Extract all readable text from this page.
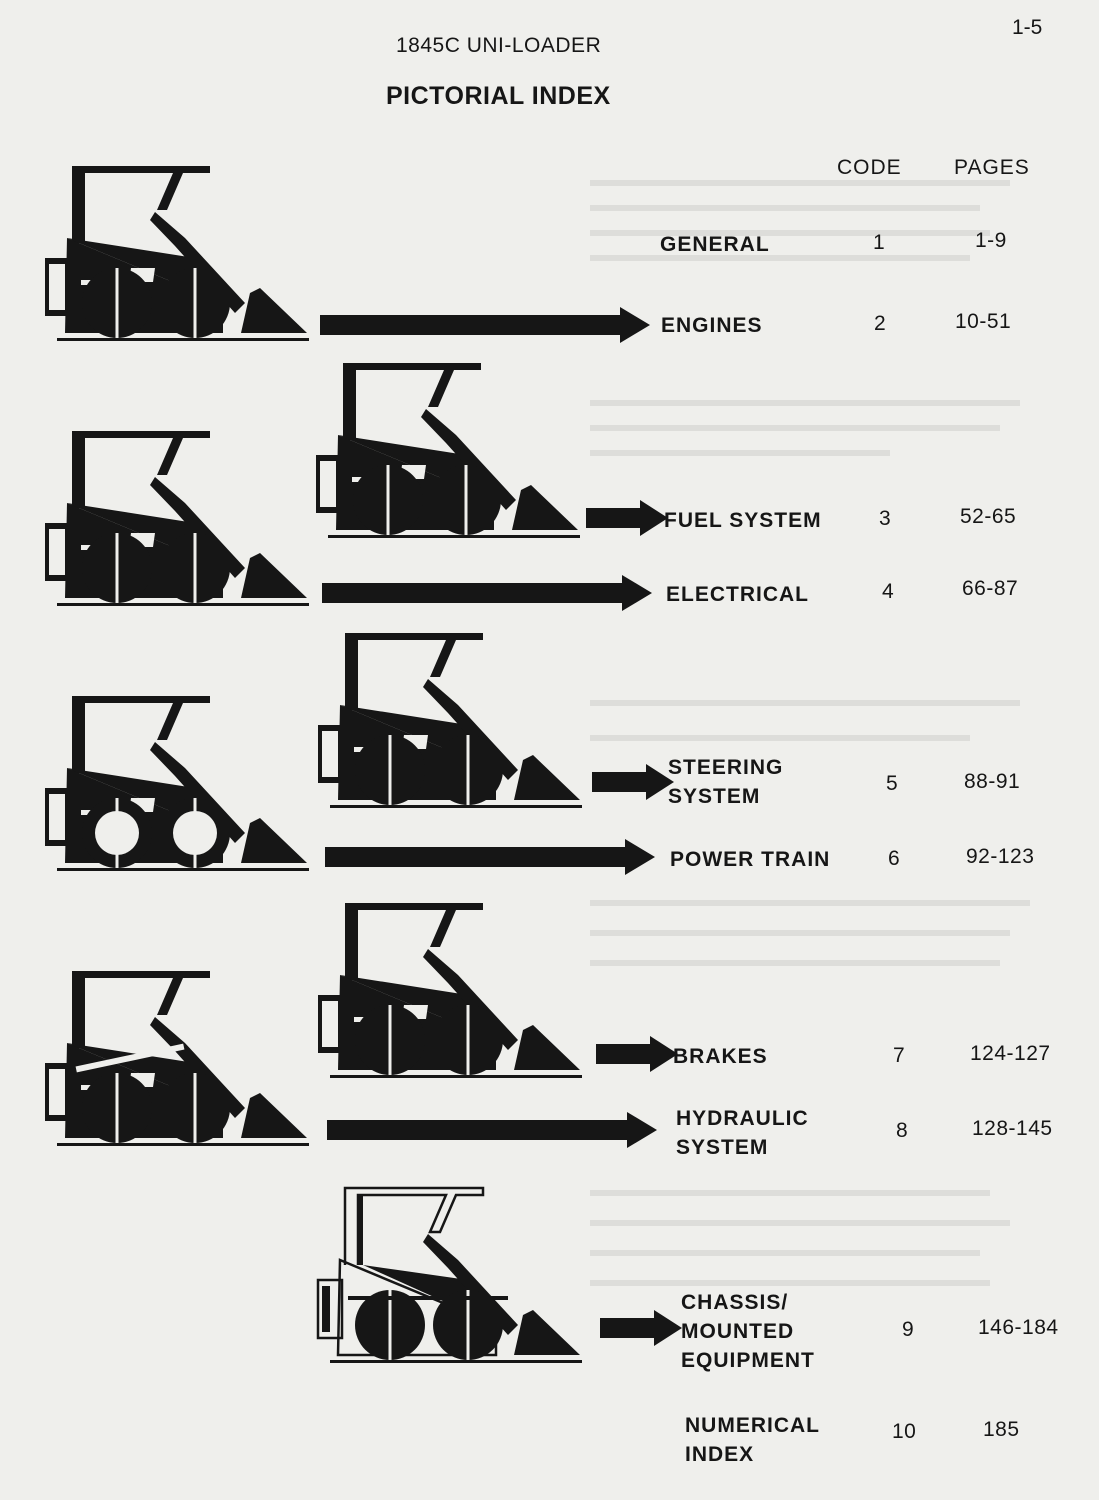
1-5
1845C UNI-LOADER
PICTORIAL INDEX
CODE PAGES
GENERAL	1	1-9
ENGINES	2	10-51
FUEL SYSTEM	3	52-65
ELECTRICAL	4	66-87
STEERING
SYSTEM
5	88-91
POWER TRAIN	6	92-123
BRAKES	7	124-127
HYDRAULIC
SYSTEM
8	128-145
CHASSIS/
MOUNTED
EQUIPMENT
9	146-184
NUMERICAL
INDEX
10	185
